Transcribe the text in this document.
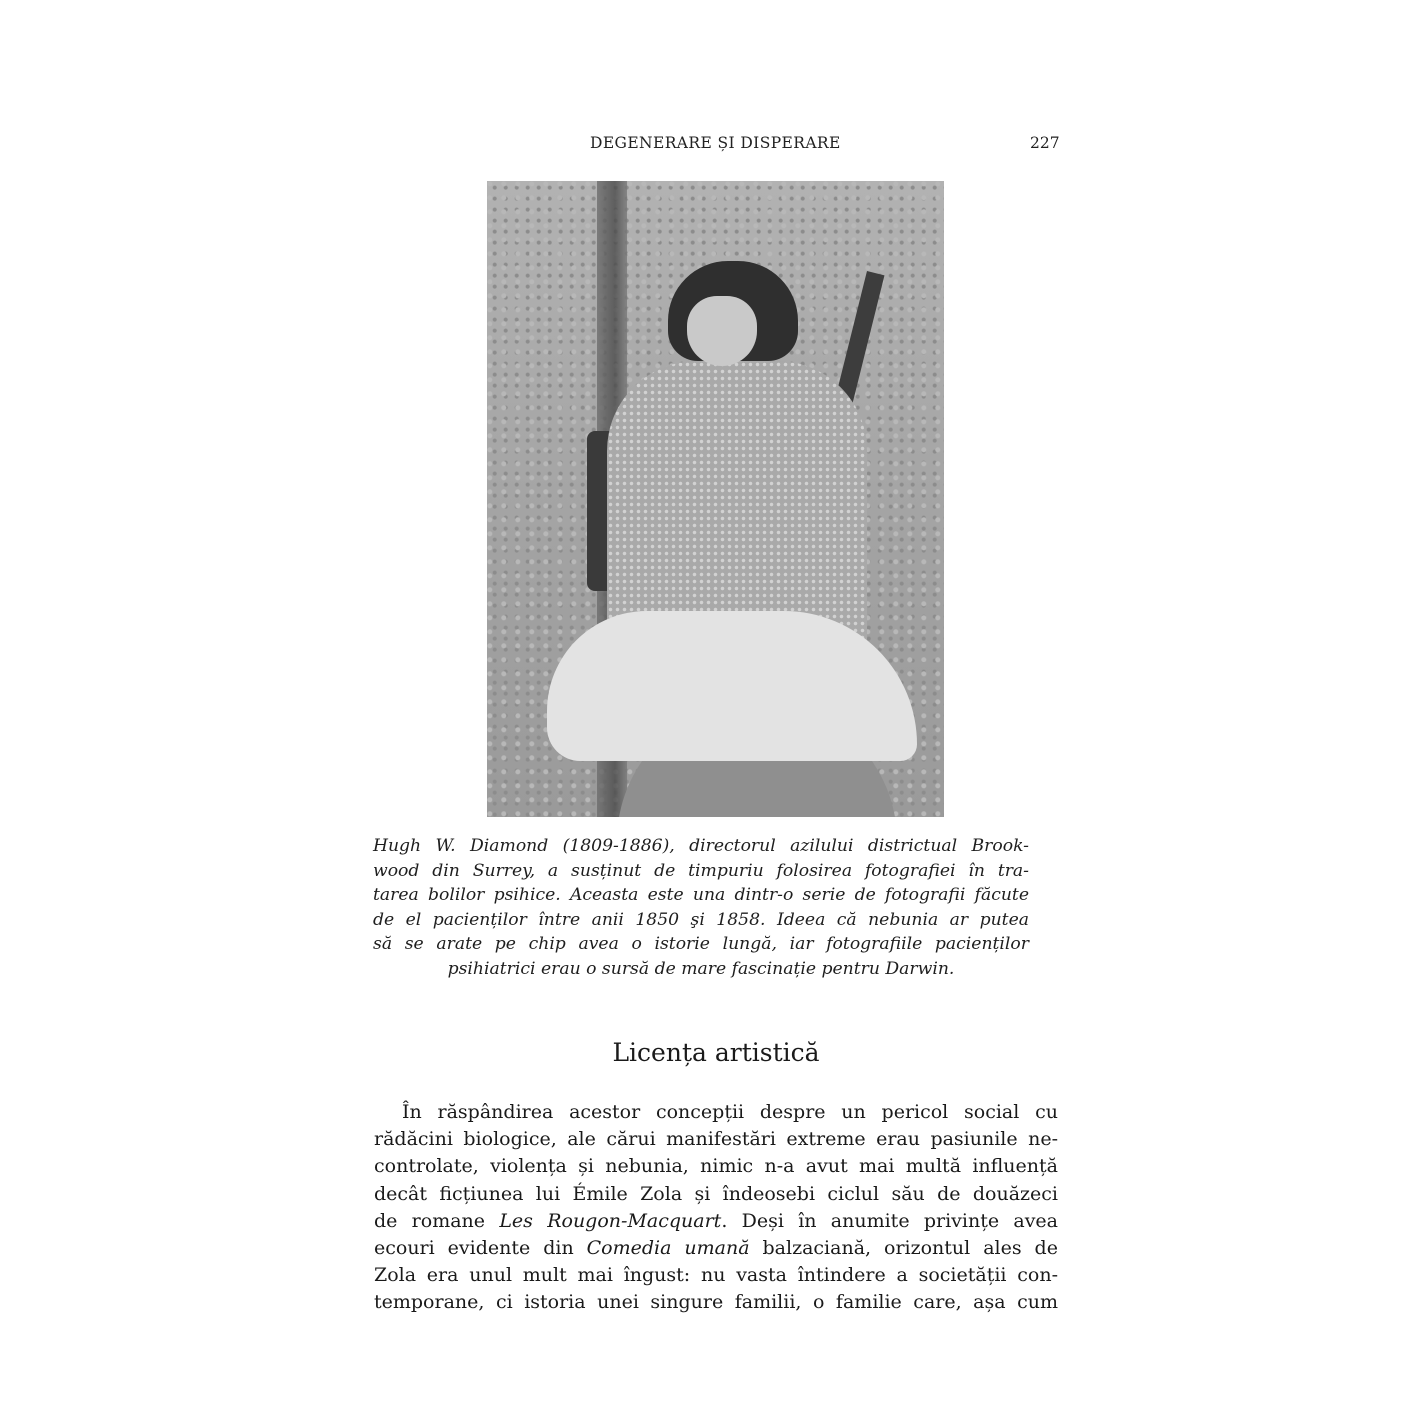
DEGENERARE ȘI DISPERARE	227
Hugh W. Diamond (1809-1886), directorul azilului districtual Brook-
wood din Surrey, a susținut de timpuriu folosirea fotografiei în tra-
tarea bolilor psihice. Aceasta este una dintr-o serie de fotografii făcute
de el pacienților între anii 1850 şi 1858. Ideea că nebunia ar putea
să se arate pe chip avea o istorie lungă, iar fotografiile pacienților
psihiatrici erau o sursă de mare fascinație pentru Darwin.
Licența artistică
În răspândirea acestor concepții despre un pericol social cu
rădăcini biologice, ale cărui manifestări extreme erau pasiunile ne-
controlate, violența și nebunia, nimic n-a avut mai multă influență
decât ficțiunea lui Émile Zola și îndeosebi ciclul său de douăzeci
de romane Les Rougon-Macquart. Deși în anumite privințe avea
ecouri evidente din Comedia umană balzaciană, orizontul ales de
Zola era unul mult mai îngust: nu vasta întindere a societății con-
temporane, ci istoria unei singure familii, o familie care, așa cum
